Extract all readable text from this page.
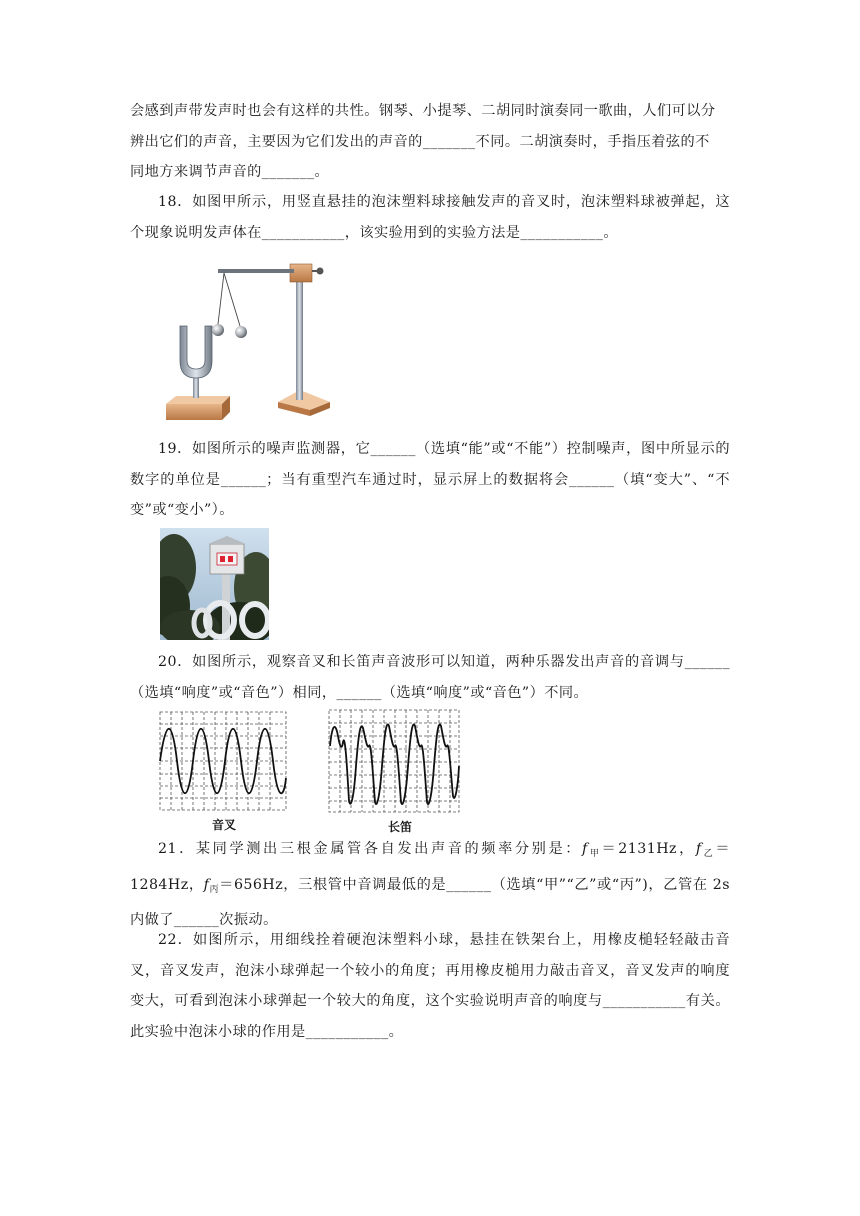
会感到声带发声时也会有这样的共性。钢琴、小提琴、二胡同时演奏同一歌曲，人们可以分
辨出它们的声音，主要因为它们发出的声音的_______不同。二胡演奏时，手指压着弦的不
同地方来调节声音的_______。

18．如图甲所示，用竖直悬挂的泡沫塑料球接触发声的音叉时，泡沫塑料球被弹起，这个现象说明发声体在___________，该实验用到的实验方法是___________。

19．如图所示的噪声监测器，它______（选填“能”或“不能”）控制噪声，图中所显示的数字的单位是______；当有重型汽车通过时，显示屏上的数据将会______（填“变大”、“不变”或“变小”）。

20．如图所示，观察音叉和长笛声音波形可以知道，两种乐器发出声音的音调与______（选填“响度”或“音色”）相同，______（选填“响度”或“音色”）不同。

音叉	长笛

21．某同学测出三根金属管各自发出声音的频率分别是：$f_甲=2131Hz$，$f_乙=1284Hz$，$f_丙=656Hz$，三根管中音调最低的是______（选填“甲”“乙”或“丙”)，乙管在 2s 内做了______次振动。

22．如图所示，用细线拴着硬泡沫塑料小球，悬挂在铁架台上，用橡皮槌轻轻敲击音叉，音叉发声，泡沫小球弹起一个较小的角度；再用橡皮槌用力敲击音叉，音叉发声的响度变大，可看到泡沫小球弹起一个较大的角度，这个实验说明声音的响度与___________有关。此实验中泡沫小球的作用是___________。
